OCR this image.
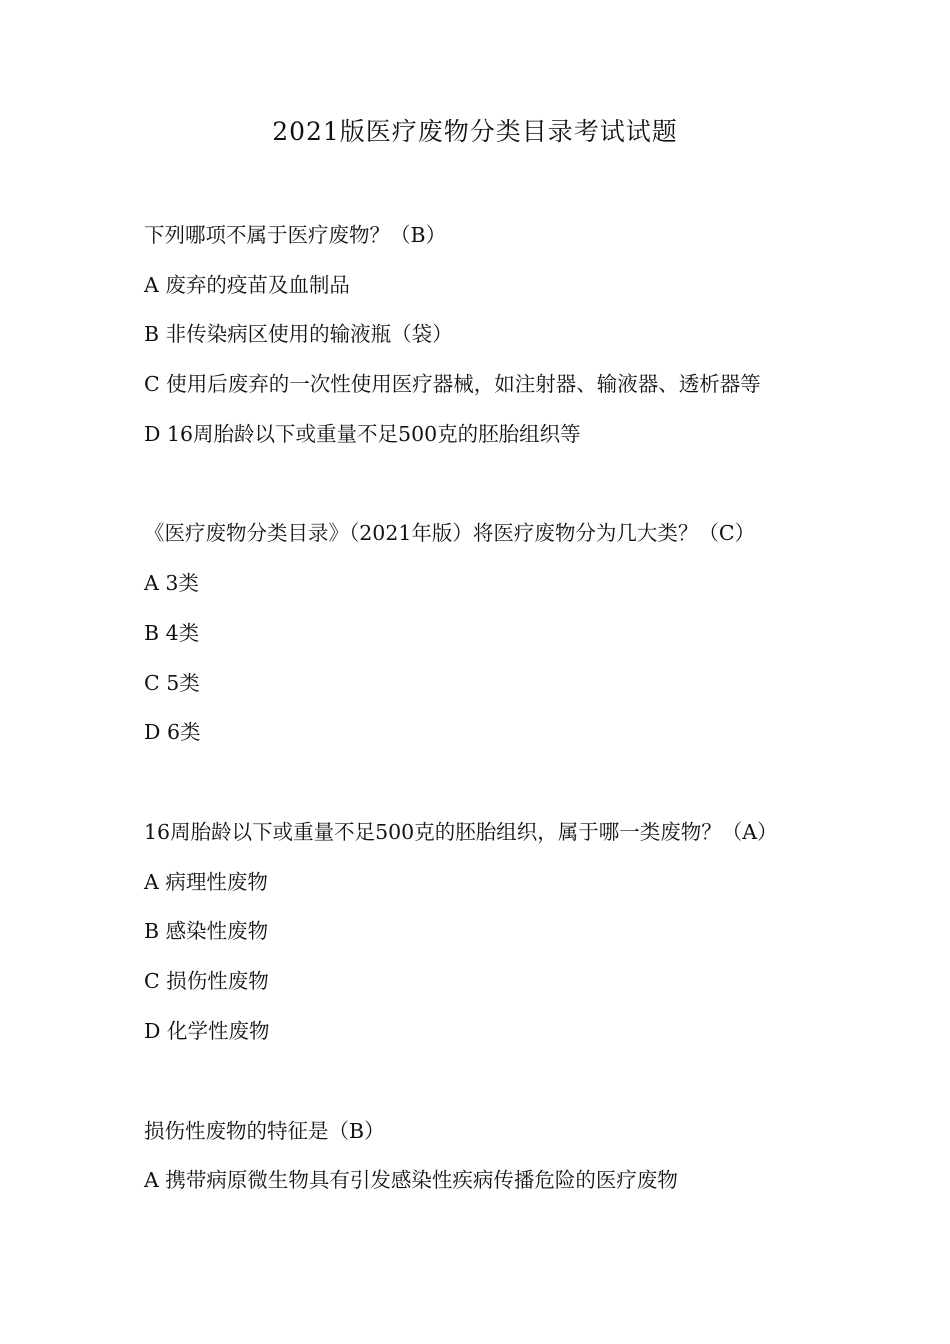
2021版医疗废物分类目录考试试题
下列哪项不属于医疗废物？（B）
A 废弃的疫苗及血制品
B 非传染病区使用的输液瓶（袋）
C 使用后废弃的一次性使用医疗器械，如注射器、输液器、透析器等
D 16周胎龄以下或重量不足500克的胚胎组织等
《医疗废物分类目录》（2021年版）将医疗废物分为几大类？（C）
A 3类
B 4类
C 5类
D 6类
16周胎龄以下或重量不足500克的胚胎组织，属于哪一类废物？（A）
A 病理性废物
B 感染性废物
C 损伤性废物
D 化学性废物
损伤性废物的特征是（B）
A 携带病原微生物具有引发感染性疾病传播危险的医疗废物
